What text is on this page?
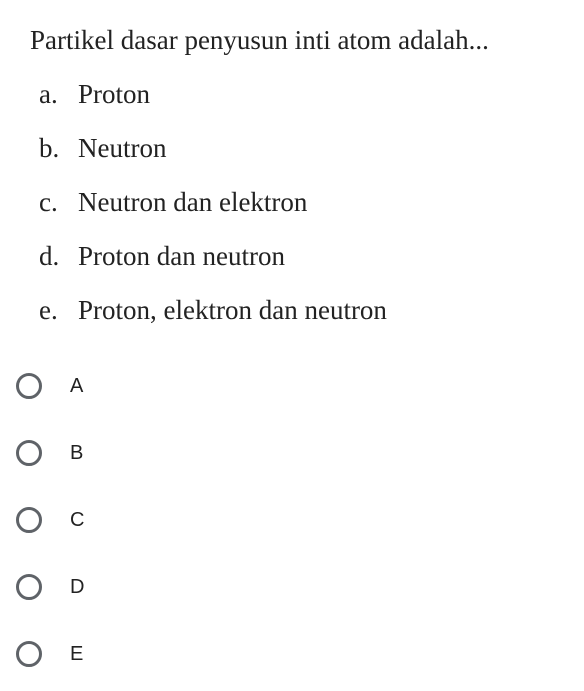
Partikel dasar penyusun inti atom adalah...
a. Proton
b. Neutron
c. Neutron dan elektron
d. Proton dan neutron
e. Proton, elektron dan neutron
A
B
C
D
E
